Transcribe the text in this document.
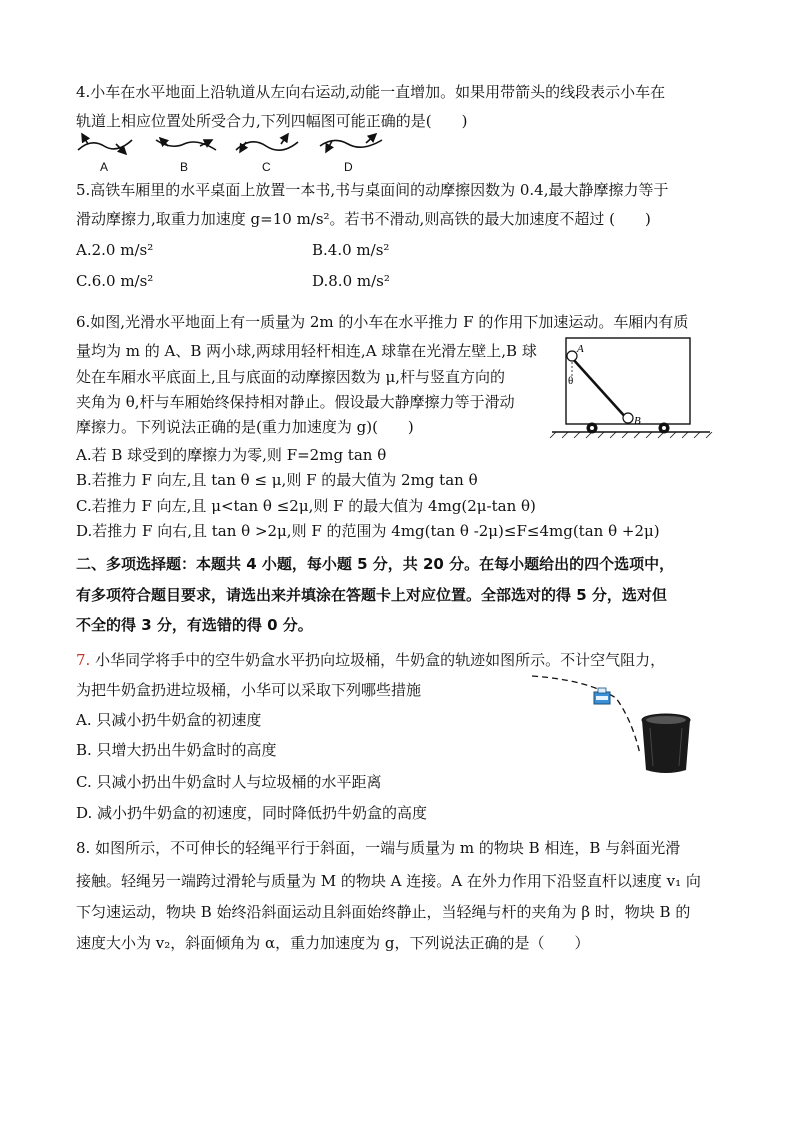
4.小车在水平地面上沿轨道从左向右运动,动能一直增加。如果用带箭头的线段表示小车在
轨道上相应位置处所受合力,下列四幅图可能正确的是(　　)
A	B	C	D
5.高铁车厢里的水平桌面上放置一本书,书与桌面间的动摩擦因数为 0.4,最大静摩擦力等于
滑动摩擦力,取重力加速度 g=10 m/s²。若书不滑动,则高铁的最大加速度不超过 (　　)
A.2.0 m/s²	B.4.0 m/s²
C.6.0 m/s²	D.8.0 m/s²
6.如图,光滑水平地面上有一质量为 2m 的小车在水平推力 F 的作用下加速运动。车厢内有质
量均为 m 的 A、B 两小球,两球用轻杆相连,A 球靠在光滑左壁上,B 球
处在车厢水平底面上,且与底面的动摩擦因数为 μ,杆与竖直方向的
夹角为 θ,杆与车厢始终保持相对静止。假设最大静摩擦力等于滑动
摩擦力。下列说法正确的是(重力加速度为 g)(　　)
A
θ
B
A.若 B 球受到的摩擦力为零,则 F=2mg tan θ
B.若推力 F 向左,且 tan θ ≤ μ,则 F 的最大值为 2mg tan θ
C.若推力 F 向左,且 μ<tan θ ≤2μ,则 F 的最大值为 4mg(2μ-tan θ)
D.若推力 F 向右,且 tan θ >2μ,则 F 的范围为 4mg(tan θ -2μ)≤F≤4mg(tan θ +2μ)
二、多项选择题：本题共 4 小题，每小题 5 分，共 20 分。在每小题给出的四个选项中，
有多项符合题目要求，请选出来并填涂在答题卡上对应位置。全部选对的得 5 分，选对但
不全的得 3 分，有选错的得 0 分。
7. 小华同学将手中的空牛奶盒水平扔向垃圾桶，牛奶盒的轨迹如图所示。不计空气阻力，
为把牛奶盒扔进垃圾桶，小华可以采取下列哪些措施
A. 只减小扔牛奶盒的初速度
B. 只增大扔出牛奶盒时的高度
C. 只减小扔出牛奶盒时人与垃圾桶的水平距离
D. 减小扔牛奶盒的初速度，同时降低扔牛奶盒的高度
8. 如图所示，不可伸长的轻绳平行于斜面，一端与质量为 m 的物块 B 相连，B 与斜面光滑
接触。轻绳另一端跨过滑轮与质量为 M 的物块 A 连接。A 在外力作用下沿竖直杆以速度 v₁ 向
下匀速运动，物块 B 始终沿斜面运动且斜面始终静止，当轻绳与杆的夹角为 β 时，物块 B 的
速度大小为 v₂，斜面倾角为 α，重力加速度为 g，下列说法正确的是（　　）
